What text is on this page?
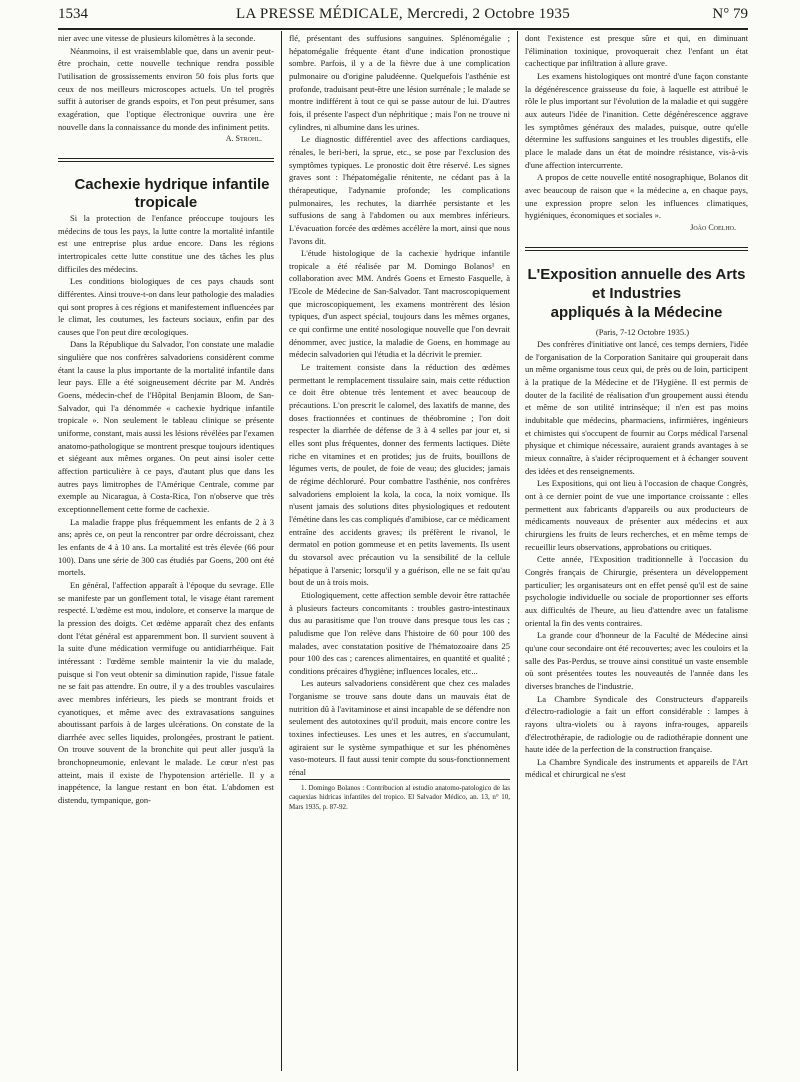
1534	LA PRESSE MÉDICALE, Mercredi, 2 Octobre 1935	N° 79

nier avec une vitesse de plusieurs kilomètres à la seconde.

Néanmoins, il est vraisemblable que, dans un avenir peut-être prochain, cette nouvelle technique rendra possible l'utilisation de grossissements environ 50 fois plus forts que ceux de nos meilleurs microscopes actuels. Un tel progrès suffit à autoriser de grands espoirs, et l'on peut présumer, sans exagération, que l'optique électronique ouvrira une ère nouvelle dans la connaissance du monde des infiniment petits.

A. Strohl.

Cachexie hydrique infantile tropicale

Si la protection de l'enfance préoccupe toujours les médecins de tous les pays, la lutte contre la mortalité infantile est une entreprise plus ardue encore. Dans les régions intertropicales cette lutte constitue une des tâches les plus difficiles des médecins.

Les conditions biologiques de ces pays chauds sont différentes. Ainsi trouve-t-on dans leur pathologie des maladies qui sont propres à ces régions et manifestement influencées par le climat, les coutumes, les facteurs sociaux, enfin par des causes que l'on peut dire œcologiques.

Dans la République du Salvador, l'on constate une maladie singulière que nos confrères salvadoriens considèrent comme étant la cause la plus importante de la mortalité infantile dans leur pays. Elle a été soigneusement décrite par M. Andrès Goens, médecin-chef de l'Hôpital Benjamin Bloom, de San-Salvador, qui l'a dénommée « cachexie hydrique infantile tropicale ». Non seulement le tableau clinique se présente uniforme, constant, mais aussi les lésions révélées par l'examen anatomo-pathologique se montrent presque toujours identiques et siégeant aux mêmes organes. On peut ainsi isoler cette affection particulière à ce pays, d'autant plus que dans les autres pays limitrophes de l'Amérique Centrale, comme par exemple au Nicaragua, à Costa-Rica, l'on n'observe que très exceptionnellement cette forme de cachexie.

La maladie frappe plus fréquemment les enfants de 2 à 3 ans; après ce, on peut la rencontrer par ordre décroissant, chez les enfants de 4 à 10 ans. La mortalité est très élevée (66 pour 100). Dans une série de 300 cas étudiés par Goens, 200 ont été mortels.

En général, l'affection apparaît à l'époque du sevrage. Elle se manifeste par un gonflement total, le visage étant rarement respecté. L'œdème est mou, indolore, et conserve la marque de la pression des doigts. Cet œdème apparaît chez des enfants dont l'état général est apparemment bon. Il survient souvent à la suite d'une médication vermifuge ou antidiarrhéique. Fait intéressant : l'œdème semble maintenir la vie du malade, puisque si l'on veut obtenir sa diminution rapide, l'issue fatale ne se fait pas attendre. En outre, il y a des troubles vasculaires avec membres inférieurs, les pieds se montrant froids et cyanotiques, et même avec des extravasations sanguines aboutissant parfois à de larges ulcérations. On constate de la diarrhée avec selles liquides, prolongées, prostrant le patient. On trouve souvent de la bronchite qui peut aller jusqu'à la bronchopneumonie, enlevant le malade. Le cœur n'est pas atteint, mais il existe de l'hypotension artérielle. Il y a inappétence, la langue restant en bon état. L'abdomen est distendu, tympanique, gon-

flé, présentant des suffusions sanguines. Splénomégalie ; hépatomégalie fréquente étant d'une indication pronostique sombre. Parfois, il y a de la fièvre due à une complication pulmonaire ou d'origine paludéenne. Quelquefois l'asthénie est profonde, traduisant peut-être une lésion surrénale ; le malade se montre indifférent à tout ce qui se passe autour de lui. D'autres fois, il présente l'aspect d'un néphritique ; mais l'on ne trouve ni cylindres, ni albumine dans les urines.

Le diagnostic différentiel avec des affections cardiaques, rénales, le beri-beri, la sprue, etc., se pose par l'exclusion des symptômes typiques. Le pronostic doit être réservé. Les signes graves sont : l'hépatomégalie rénitente, ne cédant pas à la thérapeutique, l'adynamie profonde; les complications pulmonaires, les rechutes, la diarrhée persistante et les suffusions de sang à l'abdomen ou aux membres inférieurs. L'évacuation forcée des œdèmes accélère la mort, ainsi que nous l'avons dit.

L'étude histologique de la cachexie hydrique infantile tropicale a été réalisée par M. Domingo Bolanos¹ en collaboration avec MM. Andrés Goens et Ernesto Fasquelle, à l'Ecole de Médecine de San-Salvador. Tant macroscopiquement que microscopiquement, les examens montrèrent des lésion typiques, d'un aspect spécial, toujours dans les mêmes organes, ce qui confirme une entité nosologique nouvelle que l'on devrait dénommer, avec justice, la maladie de Goens, en hommage au médecin salvadorien qui l'étudia et la décrivit le premier.

Le traitement consiste dans la réduction des œdèmes permettant le remplacement tissulaire sain, mais cette réduction ce doit être obtenue très lentement et avec beaucoup de précautions. L'on prescrit le calomel, des laxatifs de manne, des doses fractionnées et continues de théobromine ; l'on doit respecter la diarrhée de défense de 3 à 4 selles par jour et, si elles sont plus fréquentes, donner des ferments lactiques. Diète riche en vitamines et en protides; jus de fruits, bouillons de légumes verts, de poulet, de foie de veau; des glucides; jamais de régime déchloruré. Pour combattre l'asthénie, nos confrères salvadoriens emploient la kola, la coca, la noix vomique. Ils n'usent jamais des solutions dites physiologiques et redoutent l'émétine dans les cas compliqués d'amibiose, car ce médicament entraîne des accidents graves; ils préfèrent le rivanol, le dermatol en potion gommeuse et en petits lavements. Ils usent du stovarsol avec précaution vu la sensibilité de la cellule hépatique à l'arsenic; lorsqu'il y a guérison, elle ne se fait qu'au bout de un à trois mois.

Etiologiquement, cette affection semble devoir être rattachée à plusieurs facteurs concomitants : troubles gastro-intestinaux dus au parasitisme que l'on trouve dans presque tous les cas ; paludisme que l'on relève dans l'histoire de 60 pour 100 des malades, avec constatation positive de l'hématozoaire dans 25 pour 100 des cas ; carences alimentaires, en quantité et qualité ; conditions précaires d'hygiène; influences locales, etc...

Les auteurs salvadoriens considèrent que chez ces malades l'organisme se trouve sans doute dans un mauvais état de nutrition dû à l'avitaminose et ainsi incapable de se défendre non seulement des autotoxines qu'il produit, mais encore contre les toxines infectieuses. Les unes et les autres, en s'accumulant, agiraient sur le système sympathique et sur les phénomènes vaso-moteurs. Il faut aussi tenir compte du sous-fonctionnement rénal

1. Domingo Bolanos : Contribucion al estudio anatomo-patologico de las caquexias hidricas infantiles del tropico. El Salvador Médico, an. 13, n° 10, Mars 1935, p. 87-92.

dont l'existence est presque sûre et qui, en diminuant l'élimination toxinique, provoquerait chez l'enfant un état cachectique par infiltration à allure grave.

Les examens histologiques ont montré d'une façon constante la dégénérescence graisseuse du foie, à laquelle est attribué le rôle le plus important sur l'évolution de la maladie et qui suggère aux auteurs l'idée de l'inanition. Cette dégénérescence aggrave les symptômes généraux des malades, puisque, outre qu'elle détermine les suffusions sanguines et les troubles digestifs, elle place le malade dans un état de moindre résistance, vis-à-vis d'une affection intercurrente.

A propos de cette nouvelle entité nosographique, Bolanos dit avec beaucoup de raison que « la médecine a, en chaque pays, une expression propre selon les influences climatiques, hygiéniques, économiques et sociales ».

João Coelho.

L'Exposition annuelle des Arts
et Industries
appliqués à la Médecine

(Paris, 7-12 Octobre 1935.)

Des confrères d'initiative ont lancé, ces temps derniers, l'idée de l'organisation de la Corporation Sanitaire qui grouperait dans un même organisme tous ceux qui, de près ou de loin, participent à la pratique de la Médecine et de l'Hygiène. Il est permis de douter de la facilité de réalisation d'un groupement aussi étendu et même de son utilité intrinsèque; il n'en est pas moins indubitable que médecins, pharmaciens, infirmières, ingénieurs et chimistes qui s'occupent de fournir au Corps médical l'arsenal physique et chimique nécessaire, auraient grands avantages à se mieux connaître, à s'aider réciproquement et à échanger souvent des idées et des renseignements.

Les Expositions, qui ont lieu à l'occasion de chaque Congrès, ont à ce dernier point de vue une importance croissante : elles permettent aux fabricants d'appareils ou aux producteurs de médicaments nouveaux de présenter aux médecins et aux chirurgiens les fruits de leurs recherches, et en même temps de recueillir leurs observations, approbations ou critiques.

Cette année, l'Exposition traditionnelle à l'occasion du Congrès français de Chirurgie, présentera un développement particulier; les organisateurs ont en effet pensé qu'il est de saine psychologie individuelle ou sociale de proportionner ses efforts aux difficultés de l'heure, au lieu d'attendre avec un fatalisme oriental la fin des vents contraires.

La grande cour d'honneur de la Faculté de Médecine ainsi qu'une cour secondaire ont été recouvertes; avec les couloirs et la salle des Pas-Perdus, se trouve ainsi constitué un vaste ensemble où sont présentées toutes les nouveautés de l'année dans les diverses branches de l'industrie.

La Chambre Syndicale des Constructeurs d'appareils d'électro-radiologie a fait un effort considérable : lampes à rayons ultra-violets ou à rayons infra-rouges, appareils d'électrothérapie, de radiologie ou de radiothérapie donnent une haute idée de la perfection de la construction française.

La Chambre Syndicale des instruments et appareils de l'Art médical et chirurgical ne s'est
